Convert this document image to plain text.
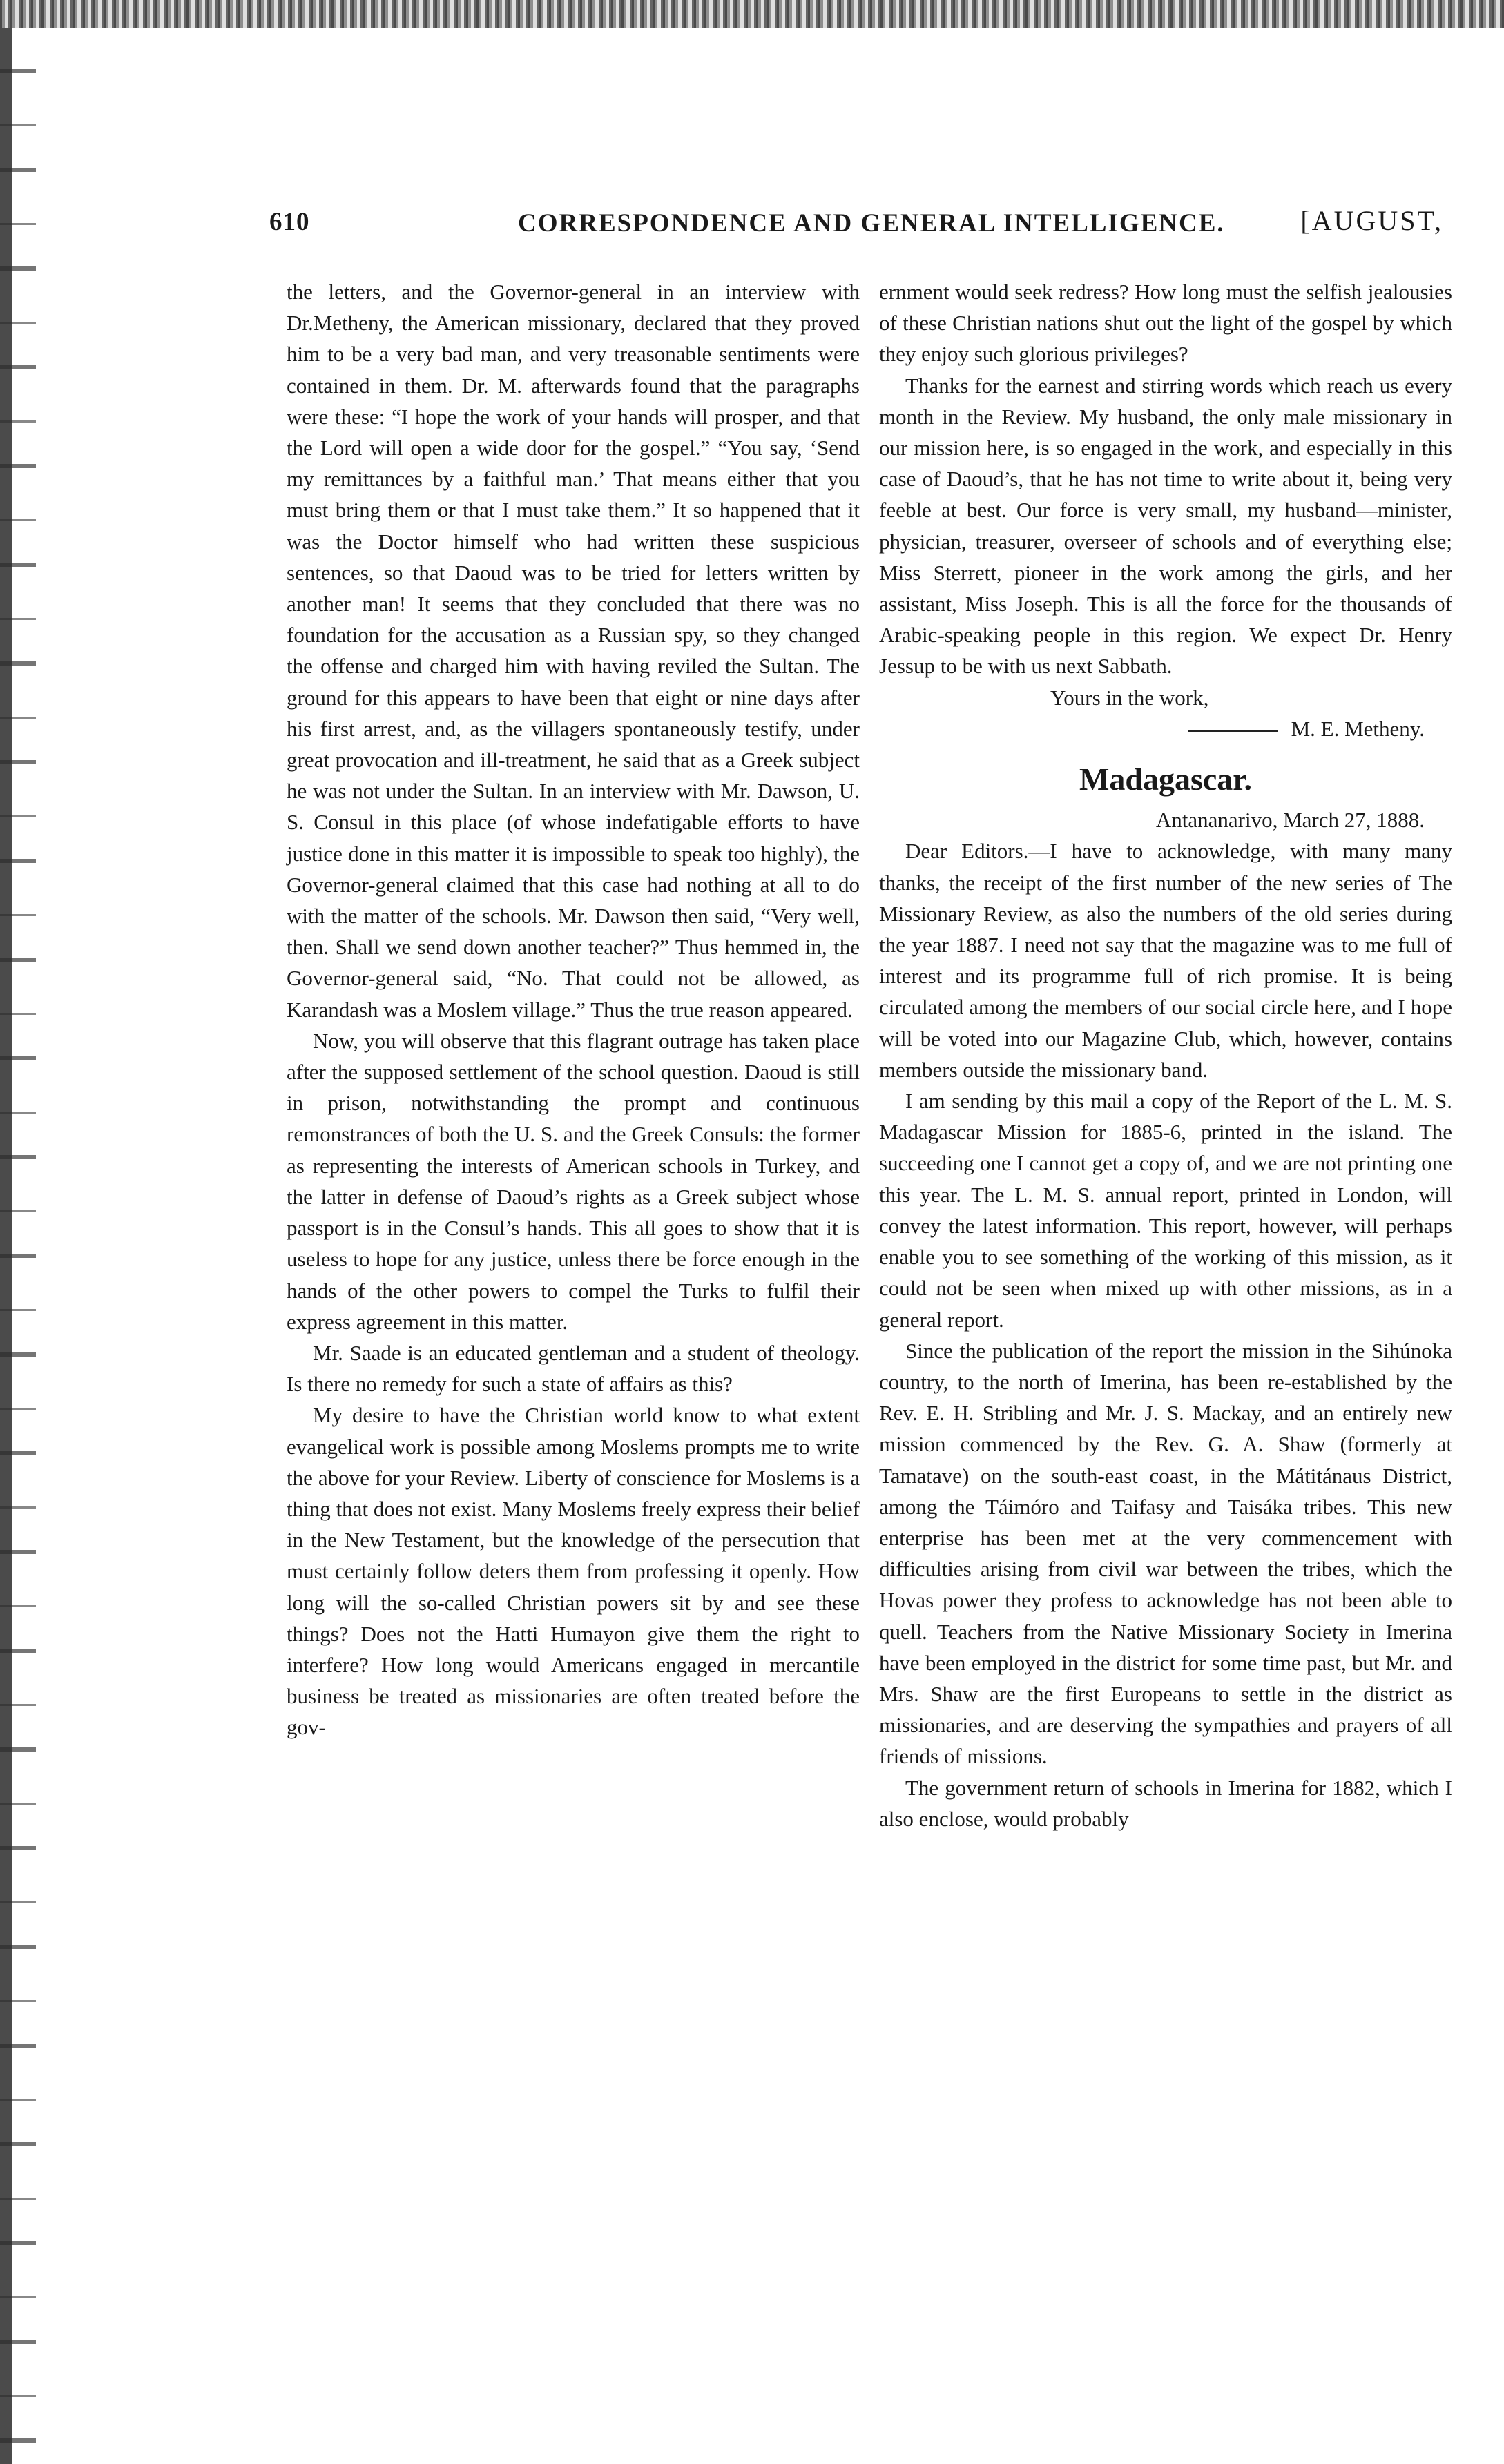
610	CORRESPONDENCE AND GENERAL INTELLIGENCE.	[AUGUST,

the letters, and the Governor-general in an interview with Dr.Metheny, the American missionary, declared that they proved him to be a very bad man, and very treasonable sentiments were contained in them. Dr. M. afterwards found that the paragraphs were these: “I hope the work of your hands will prosper, and that the Lord will open a wide door for the gospel.” “You say, ‘Send my remittances by a faithful man.’ That means either that you must bring them or that I must take them.” It so happened that it was the Doctor himself who had written these suspicious sentences, so that Daoud was to be tried for letters written by another man! It seems that they concluded that there was no foundation for the accusation as a Russian spy, so they changed the offense and charged him with having reviled the Sultan. The ground for this appears to have been that eight or nine days after his first arrest, and, as the villagers spontaneously testify, under great provocation and ill-treatment, he said that as a Greek subject he was not under the Sultan. In an interview with Mr. Dawson, U. S. Consul in this place (of whose indefatigable efforts to have justice done in this matter it is impossible to speak too highly), the Governor-general claimed that this case had nothing at all to do with the matter of the schools. Mr. Dawson then said, “Very well, then. Shall we send down another teacher?” Thus hemmed in, the Governor-general said, “No. That could not be allowed, as Karandash was a Moslem village.” Thus the true reason appeared.

Now, you will observe that this flagrant outrage has taken place after the supposed settlement of the school question. Daoud is still in prison, notwithstanding the prompt and continuous remonstrances of both the U. S. and the Greek Consuls: the former as representing the interests of American schools in Turkey, and the latter in defense of Daoud’s rights as a Greek subject whose passport is in the Consul’s hands. This all goes to show that it is useless to hope for any justice, unless there be force enough in the hands of the other powers to compel the Turks to fulfil their express agreement in this matter.

Mr. Saade is an educated gentleman and a student of theology. Is there no remedy for such a state of affairs as this?

My desire to have the Christian world know to what extent evangelical work is possible among Moslems prompts me to write the above for your Review. Liberty of conscience for Moslems is a thing that does not exist. Many Moslems freely express their belief in the New Testament, but the knowledge of the persecution that must certainly follow deters them from professing it openly. How long will the so-called Christian powers sit by and see these things? Does not the Hatti Humayon give them the right to interfere? How long would Americans engaged in mercantile business be treated as missionaries are often treated before the gov-

ernment would seek redress? How long must the selfish jealousies of these Christian nations shut out the light of the gospel by which they enjoy such glorious privileges?

Thanks for the earnest and stirring words which reach us every month in the Review. My husband, the only male missionary in our mission here, is so engaged in the work, and especially in this case of Daoud’s, that he has not time to write about it, being very feeble at best. Our force is very small, my husband—minister, physician, treasurer, overseer of schools and of everything else; Miss Sterrett, pioneer in the work among the girls, and her assistant, Miss Joseph. This is all the force for the thousands of Arabic-speaking people in this region. We expect Dr. Henry Jessup to be with us next Sabbath.

Yours in the work,

M. E. Metheny.

Madagascar.

Antananarivo, March 27, 1888.

Dear Editors.—I have to acknowledge, with many many thanks, the receipt of the first number of the new series of The Missionary Review, as also the numbers of the old series during the year 1887. I need not say that the magazine was to me full of interest and its programme full of rich promise. It is being circulated among the members of our social circle here, and I hope will be voted into our Magazine Club, which, however, contains members outside the missionary band.

I am sending by this mail a copy of the Report of the L. M. S. Madagascar Mission for 1885-6, printed in the island. The succeeding one I cannot get a copy of, and we are not printing one this year. The L. M. S. annual report, printed in London, will convey the latest information. This report, however, will perhaps enable you to see something of the working of this mission, as it could not be seen when mixed up with other missions, as in a general report.

Since the publication of the report the mission in the Sihúnoka country, to the north of Imerina, has been re-established by the Rev. E. H. Stribling and Mr. J. S. Mackay, and an entirely new mission commenced by the Rev. G. A. Shaw (formerly at Tamatave) on the south-east coast, in the Mátitánaus District, among the Táimóro and Taifasy and Taisáka tribes. This new enterprise has been met at the very commencement with difficulties arising from civil war between the tribes, which the Hovas power they profess to acknowledge has not been able to quell. Teachers from the Native Missionary Society in Imerina have been employed in the district for some time past, but Mr. and Mrs. Shaw are the first Europeans to settle in the district as missionaries, and are deserving the sympathies and prayers of all friends of missions.

The government return of schools in Imerina for 1882, which I also enclose, would probably
